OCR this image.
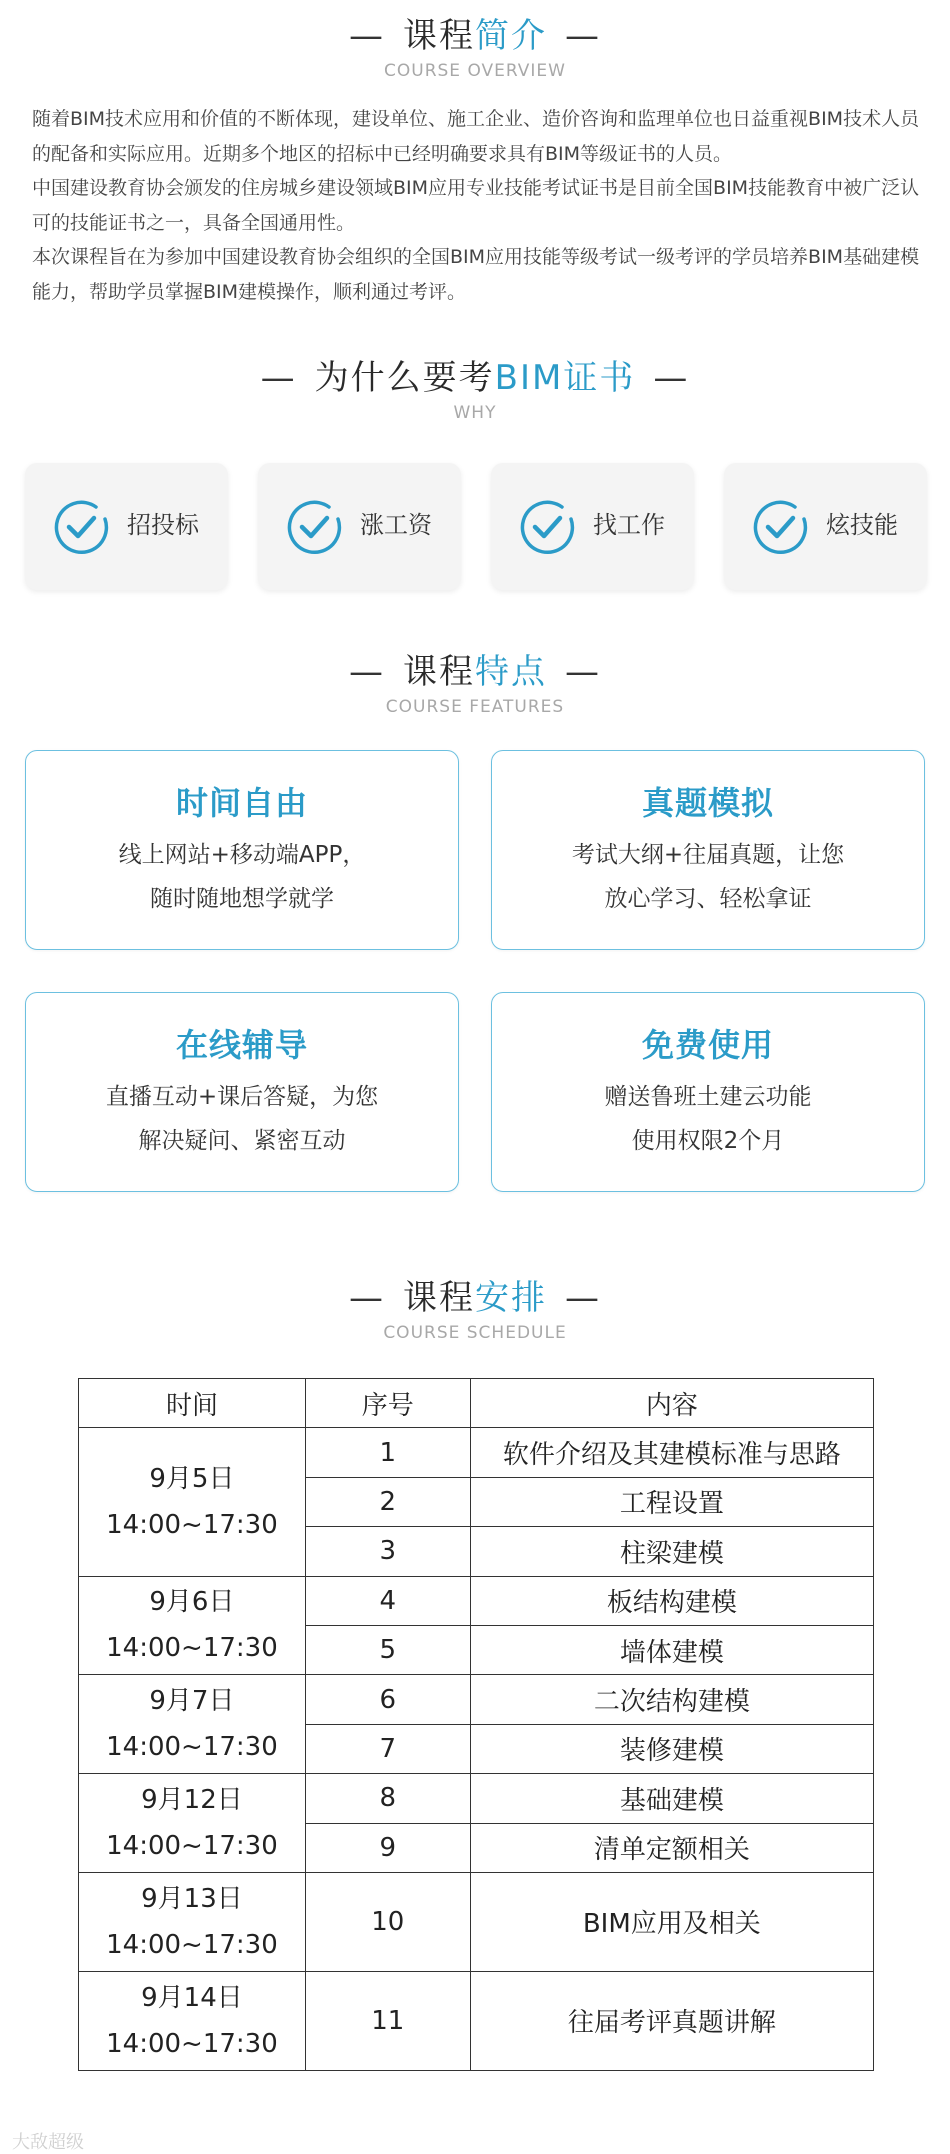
— 课程简介 —
COURSE OVERVIEW

随着BIM技术应用和价值的不断体现，建设单位、施工企业、造价咨询和监理单位也日益重视BIM技术人员的配备和实际应用。近期多个地区的招标中已经明确要求具有BIM等级证书的人员。

中国建设教育协会颁发的住房城乡建设领域BIM应用专业技能考试证书是目前全国BIM技能教育中被广泛认可的技能证书之一，具备全国通用性。

本次课程旨在为参加中国建设教育协会组织的全国BIM应用技能等级考试一级考评的学员培养BIM基础建模能力，帮助学员掌握BIM建模操作，顺利通过考评。

— 为什么要考BIM证书 —
WHY
招投标	涨工资	找工作	炫技能
— 课程特点 —
COURSE FEATURES
时间自由
线上网站+移动端APP，
随时随地想学就学
真题模拟
考试大纲+往届真题，让您
放心学习、轻松拿证
在线辅导
直播互动+课后答疑，为您
解决疑问、紧密互动
免费使用
赠送鲁班土建云功能
使用权限2个月
— 课程安排 —
COURSE SCHEDULE
时间	序号	内容

9月5日
14:00~17:30	1	软件介绍及其建模标准与思路
	2	工程设置
	3	柱梁建模

9月6日
14:00~17:30	4	板结构建模
	5	墙体建模

9月7日
14:00~17:30	6	二次结构建模
	7	装修建模

9月12日
14:00~17:30	8	基础建模
	9	清单定额相关

9月13日
14:00~17:30	10	BIM应用及相关

9月14日
14:00~17:30	11	往届考评真题讲解
大敌超级
